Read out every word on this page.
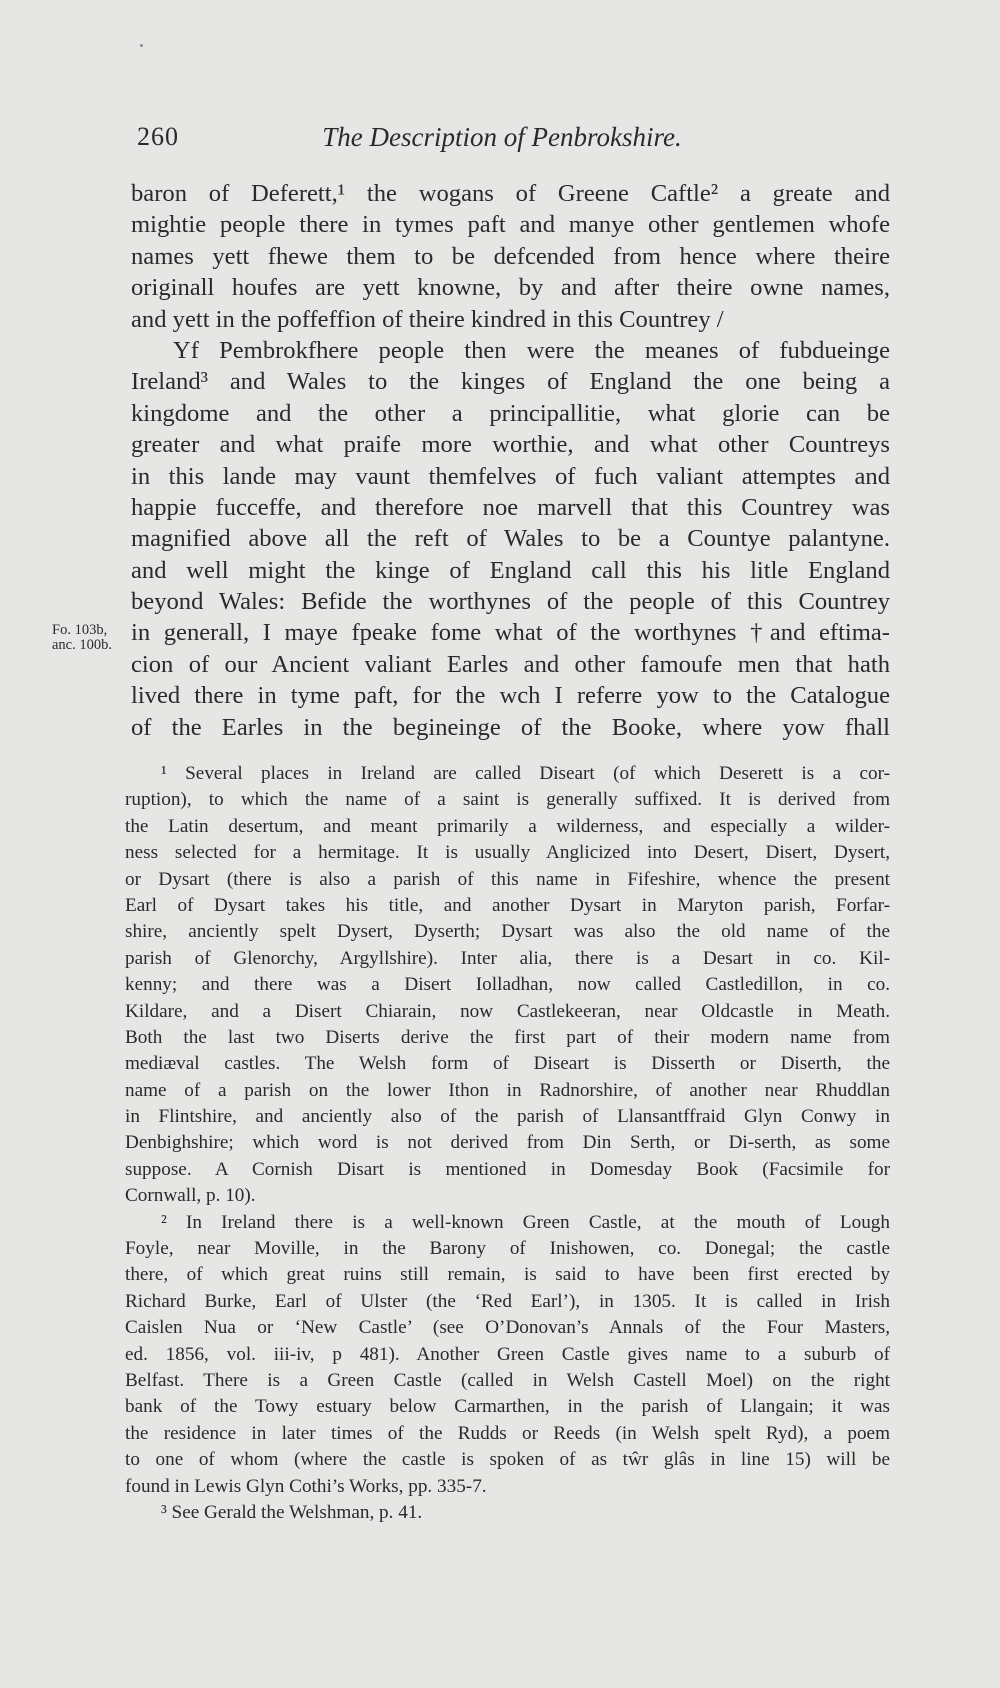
260	The Description of Penbrokshire.
Fo. 103b,
anc. 100b.
baron of Deferett,¹ the wogans of Greene Caftle² a greate and
mightie people there in tymes paft and manye other gentlemen whofe
names yett fhewe them to be defcended from hence where theire
originall houfes are yett knowne, by and after theire owne names,
and yett in the poffeffion of theire kindred in this Countrey /
Yf Pembrokfhere people then were the meanes of fubdueinge
Ireland³ and Wales to the kinges of England the one being a
kingdome and the other a principallitie, what glorie can be
greater and what praife more worthie, and what other Countreys
in this lande may vaunt themfelves of fuch valiant attemptes and
happie fucceffe, and therefore noe marvell that this Countrey was
magnified above all the reft of Wales to be a Countye palantyne.
and well might the kinge of England call this his litle England
beyond Wales: Befide the worthynes of the people of this Countrey
in generall, I maye fpeake fome what of the worthynes †and eftima-
cion of our Ancient valiant Earles and other famoufe men that hath
lived there in tyme paft, for the wch I referre yow to the Catalogue
of the Earles in the begineinge of the Booke, where yow fhall
¹ Several places in Ireland are called Diseart (of which Deserett is a cor-
ruption), to which the name of a saint is generally suffixed. It is derived from
the Latin desertum, and meant primarily a wilderness, and especially a wilder-
ness selected for a hermitage. It is usually Anglicized into Desert, Disert, Dysert,
or Dysart (there is also a parish of this name in Fifeshire, whence the present
Earl of Dysart takes his title, and another Dysart in Maryton parish, Forfar-
shire, anciently spelt Dysert, Dyserth; Dysart was also the old name of the
parish of Glenorchy, Argyllshire). Inter alia, there is a Desart in co. Kil-
kenny; and there was a Disert Iolladhan, now called Castledillon, in co.
Kildare, and a Disert Chiarain, now Castlekeeran, near Oldcastle in Meath.
Both the last two Diserts derive the first part of their modern name from
mediæval castles. The Welsh form of Diseart is Disserth or Diserth, the
name of a parish on the lower Ithon in Radnorshire, of another near Rhuddlan
in Flintshire, and anciently also of the parish of Llansantffraid Glyn Conwy in
Denbighshire; which word is not derived from Din Serth, or Di-serth, as some
suppose. A Cornish Disart is mentioned in Domesday Book (Facsimile for
Cornwall, p. 10).
² In Ireland there is a well-known Green Castle, at the mouth of Lough
Foyle, near Moville, in the Barony of Inishowen, co. Donegal; the castle
there, of which great ruins still remain, is said to have been first erected by
Richard Burke, Earl of Ulster (the ‘Red Earl’), in 1305. It is called in Irish
Caislen Nua or ‘New Castle’ (see O’Donovan’s Annals of the Four Masters,
ed. 1856, vol. iii-iv, p 481). Another Green Castle gives name to a suburb of
Belfast. There is a Green Castle (called in Welsh Castell Moel) on the right
bank of the Towy estuary below Carmarthen, in the parish of Llangain; it was
the residence in later times of the Rudds or Reeds (in Welsh spelt Ryd), a poem
to one of whom (where the castle is spoken of as tŵr glâs in line 15) will be
found in Lewis Glyn Cothi’s Works, pp. 335-7.
³ See Gerald the Welshman, p. 41.
